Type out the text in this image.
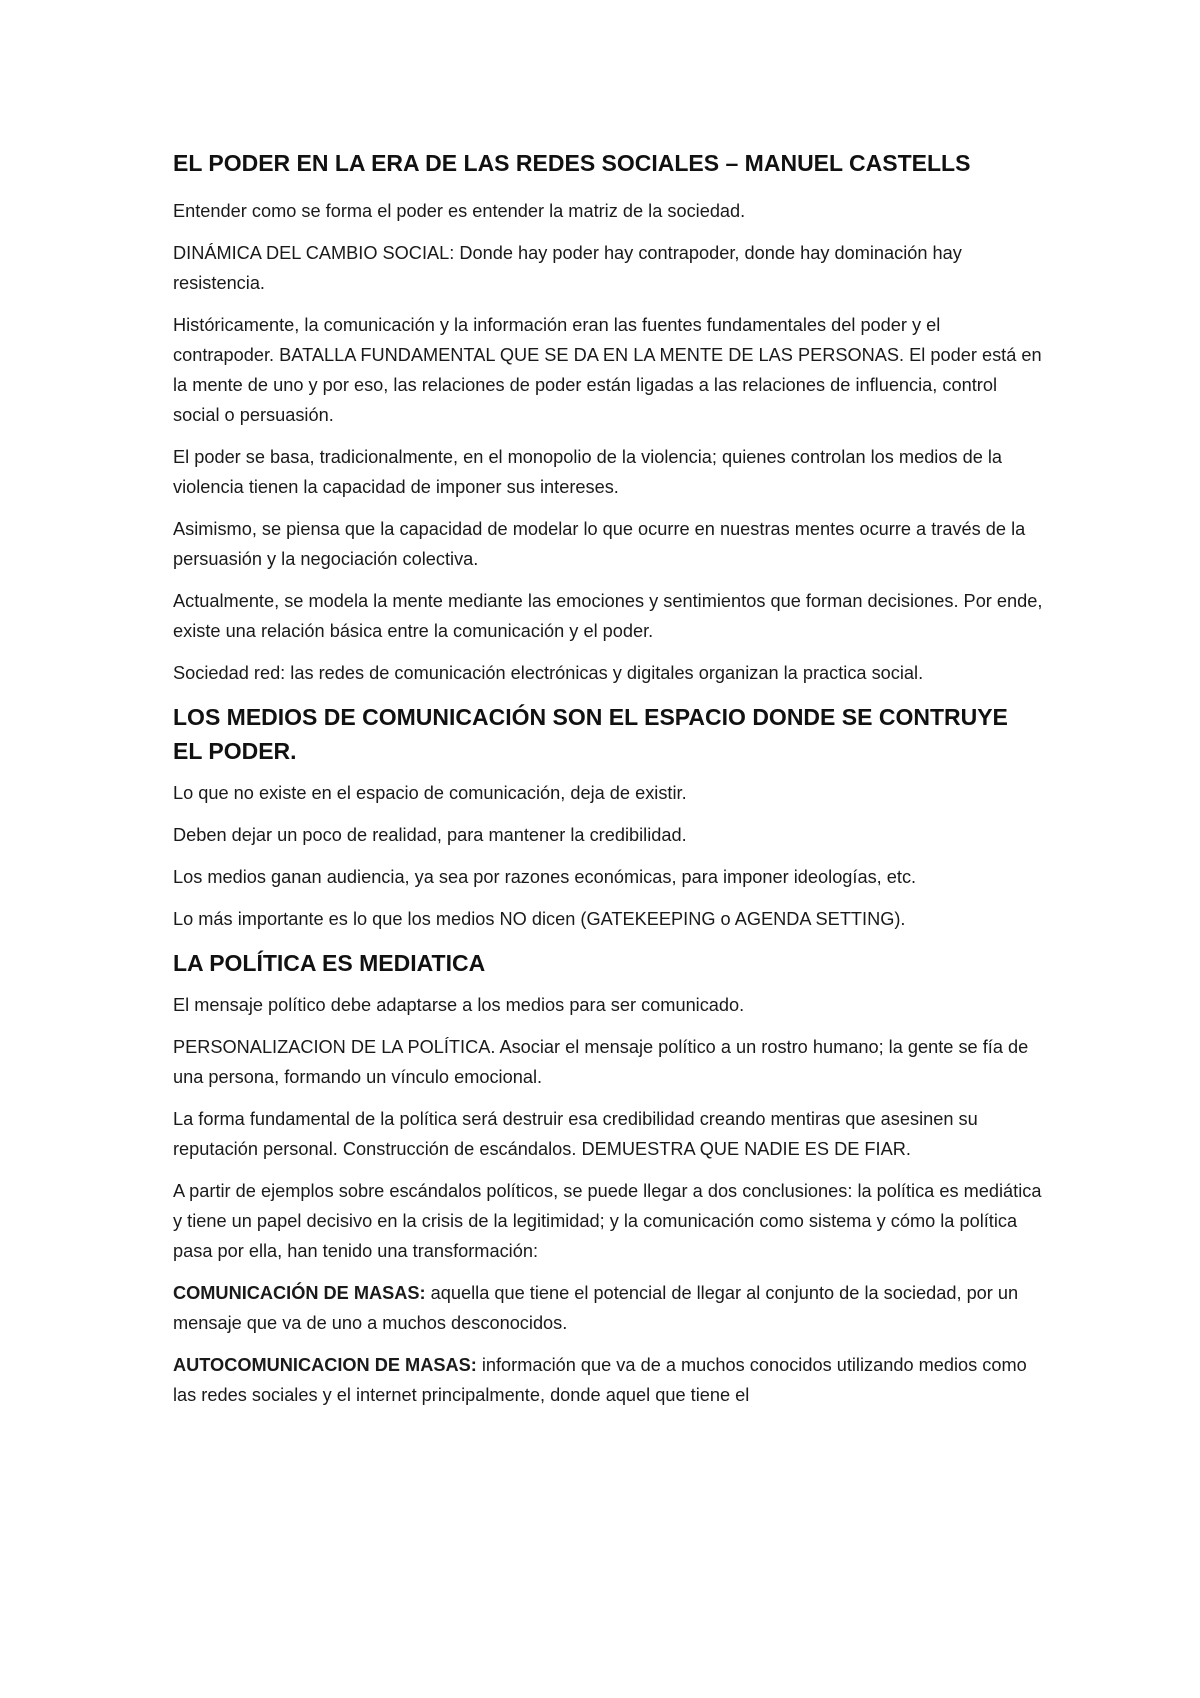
EL PODER EN LA ERA DE LAS REDES SOCIALES – MANUEL CASTELLS

Entender como se forma el poder es entender la matriz de la sociedad.

DINÁMICA DEL CAMBIO SOCIAL: Donde hay poder hay contrapoder, donde hay dominación hay resistencia.

Históricamente, la comunicación y la información eran las fuentes fundamentales del poder y el contrapoder. BATALLA FUNDAMENTAL QUE SE DA EN LA MENTE DE LAS PERSONAS. El poder está en la mente de uno y por eso, las relaciones de poder están ligadas a las relaciones de influencia, control social o persuasión.

El poder se basa, tradicionalmente, en el monopolio de la violencia; quienes controlan los medios de la violencia tienen la capacidad de imponer sus intereses.

Asimismo, se piensa que la capacidad de modelar lo que ocurre en nuestras mentes ocurre a través de la persuasión y la negociación colectiva.

Actualmente, se modela la mente mediante las emociones y sentimientos que forman decisiones. Por ende, existe una relación básica entre la comunicación y el poder.

Sociedad red: las redes de comunicación electrónicas y digitales organizan la practica social.

LOS MEDIOS DE COMUNICACIÓN SON EL ESPACIO DONDE SE CONTRUYE EL PODER.

Lo que no existe en el espacio de comunicación, deja de existir.

Deben dejar un poco de realidad, para mantener la credibilidad.

Los medios ganan audiencia, ya sea por razones económicas, para imponer ideologías, etc.

Lo más importante es lo que los medios NO dicen (GATEKEEPING o AGENDA SETTING).

LA POLÍTICA ES MEDIATICA

El mensaje político debe adaptarse a los medios para ser comunicado.

PERSONALIZACION DE LA POLÍTICA. Asociar el mensaje político a un rostro humano; la gente se fía de una persona, formando un vínculo emocional.

La forma fundamental de la política será destruir esa credibilidad creando mentiras que asesinen su reputación personal. Construcción de escándalos. DEMUESTRA QUE NADIE ES DE FIAR.

A partir de ejemplos sobre escándalos políticos, se puede llegar a dos conclusiones: la política es mediática y tiene un papel decisivo en la crisis de la legitimidad; y la comunicación como sistema y cómo la política pasa por ella, han tenido una transformación:

COMUNICACIÓN DE MASAS: aquella que tiene el potencial de llegar al conjunto de la sociedad, por un mensaje que va de uno a muchos desconocidos.

AUTOCOMUNICACION DE MASAS: información que va de a muchos conocidos utilizando medios como las redes sociales y el internet principalmente, donde aquel que tiene el
